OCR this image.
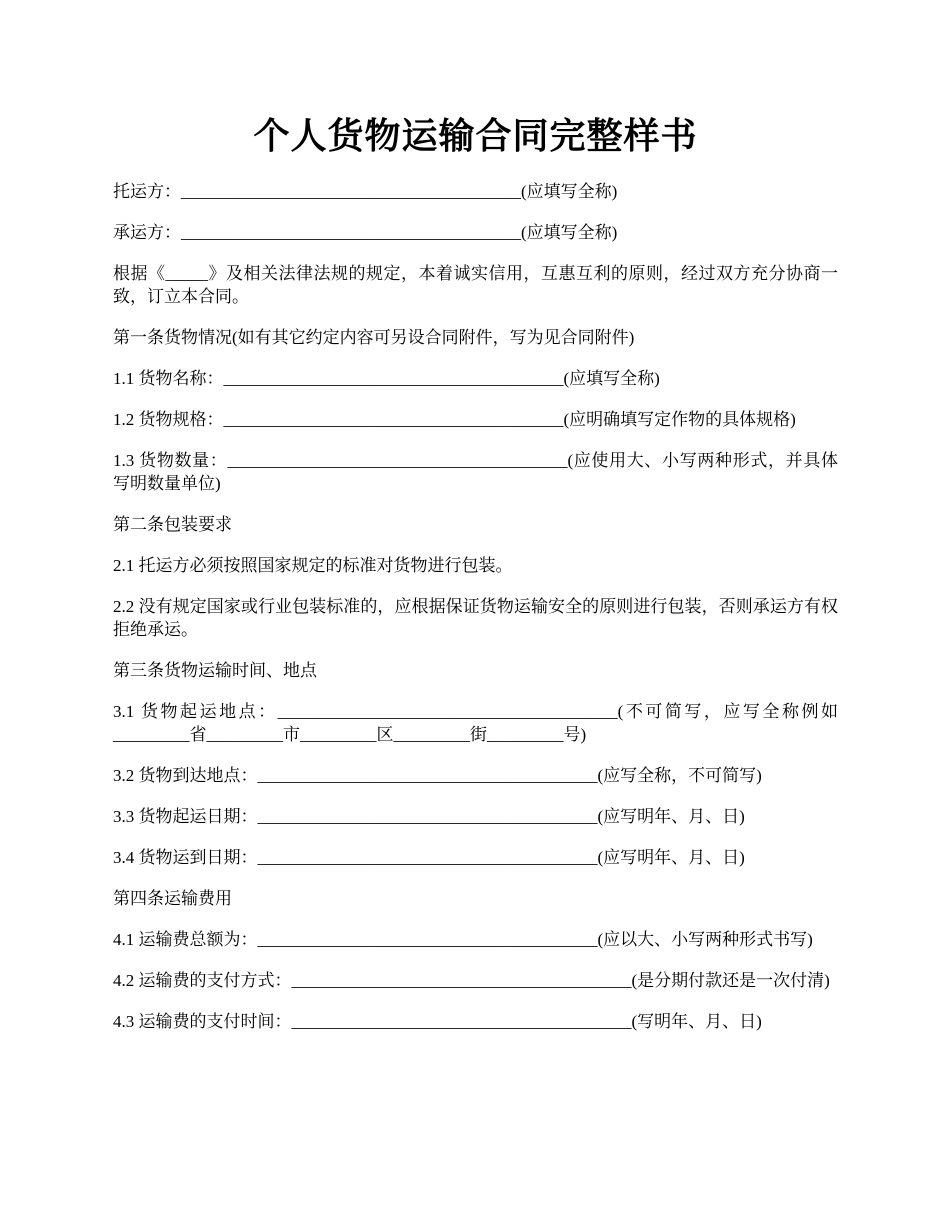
个人货物运输合同完整样书

托运方：________________________________________(应填写全称)

承运方：________________________________________(应填写全称)

根据《_____》及相关法律法规的规定，本着诚实信用，互惠互利的原则，经过双方充分协商一致，订立本合同。

第一条货物情况(如有其它约定内容可另设合同附件，写为见合同附件)

1.1 货物名称：________________________________________(应填写全称)

1.2 货物规格：________________________________________(应明确填写定作物的具体规格)

1.3 货物数量：________________________________________(应使用大、小写两种形式，并具体写明数量单位)

第二条包装要求

2.1 托运方必须按照国家规定的标准对货物进行包装。

2.2 没有规定国家或行业包装标准的，应根据保证货物运输安全的原则进行包装，否则承运方有权拒绝承运。

第三条货物运输时间、地点

3.1 货物起运地点：________________________________________(不可简写，应写全称例如_________省_________市_________区_________街_________号)

3.2 货物到达地点：________________________________________(应写全称，不可简写)

3.3 货物起运日期：________________________________________(应写明年、月、日)

3.4 货物运到日期：________________________________________(应写明年、月、日)

第四条运输费用

4.1 运输费总额为：________________________________________(应以大、小写两种形式书写)

4.2 运输费的支付方式：________________________________________(是分期付款还是一次付清)

4.3 运输费的支付时间：________________________________________(写明年、月、日)
